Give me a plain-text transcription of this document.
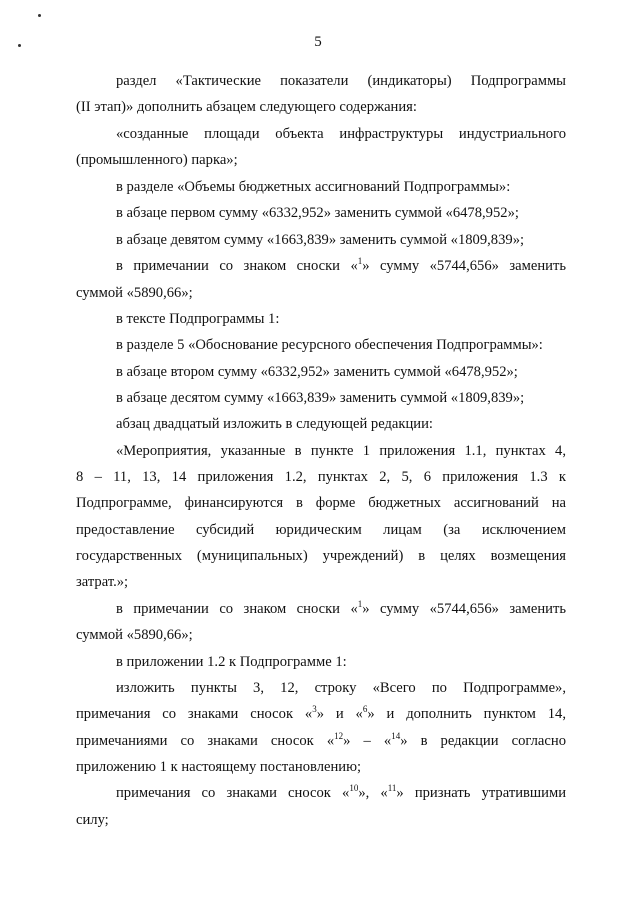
5

раздел «Тактические показатели (индикаторы) Подпрограммы

(II этап)» дополнить абзацем следующего содержания:

«созданные площади объекта инфраструктуры индустриального

(промышленного) парка»;

в разделе «Объемы бюджетных ассигнований Подпрограммы»:

в абзаце первом сумму «6332,952» заменить суммой «6478,952»;

в абзаце девятом сумму «1663,839» заменить суммой «1809,839»;

в примечании со знаком сноски «$^1$» сумму «5744,656» заменить

суммой «5890,66»;

в тексте Подпрограммы 1:

в разделе 5 «Обоснование ресурсного обеспечения Подпрограммы»:

в абзаце втором сумму «6332,952» заменить суммой «6478,952»;

в абзаце десятом сумму «1663,839» заменить суммой «1809,839»;

абзац двадцатый изложить в следующей редакции:

«Мероприятия, указанные в пункте 1 приложения 1.1, пунктах 4,

8 – 11, 13, 14 приложения 1.2, пунктах 2, 5, 6 приложения 1.3 к

Подпрограмме, финансируются в форме бюджетных ассигнований на

предоставление субсидий юридическим лицам (за исключением

государственных (муниципальных) учреждений) в целях возмещения

затрат.»;

в примечании со знаком сноски «$^1$» сумму «5744,656» заменить

суммой «5890,66»;

в приложении 1.2 к Подпрограмме 1:

изложить пункты 3, 12, строку «Всего по Подпрограмме»,

примечания со знаками сносок «$^3$» и «$^6$» и дополнить пунктом 14,

примечаниями со знаками сносок «$^{12}$» – «$^{14}$» в редакции согласно

приложению 1 к настоящему постановлению;

примечания со знаками сносок «$^{10}$», «$^{11}$» признать утратившими

силу;
